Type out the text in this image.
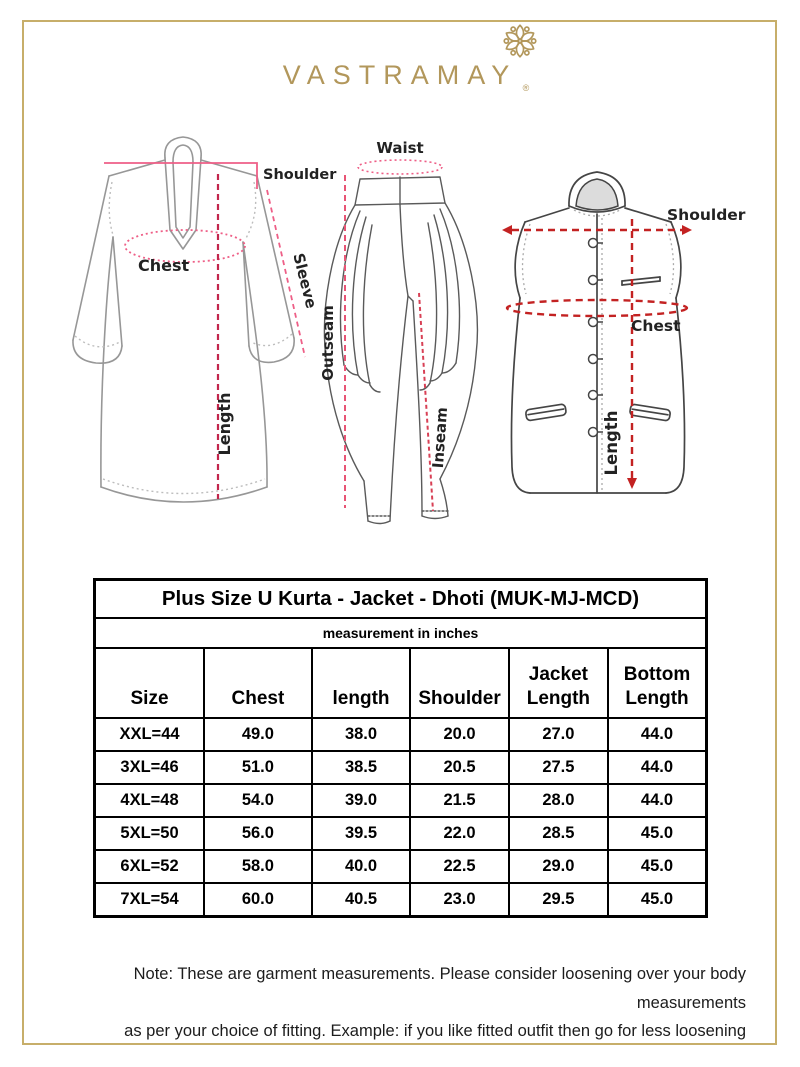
VASTRAMAY ®
Shoulder
Chest	Sleeve
Length
Waist
Outseam
Inseam
Shoulder
Chest
Length
Plus Size U Kurta - Jacket - Dhoti (MUK-MJ-MCD)					
measurement in inches					
Size	Chest	length	Shoulder	Jacket Length	Bottom Length
XXL=44	49.0	38.0	20.0	27.0	44.0
3XL=46	51.0	38.5	20.5	27.5	44.0
4XL=48	54.0	39.0	21.5	28.0	44.0
5XL=50	56.0	39.5	22.0	28.5	45.0
6XL=52	58.0	40.0	22.5	29.0	45.0
7XL=54	60.0	40.5	23.0	29.5	45.0
Note: These are garment measurements. Please consider loosening over your body measurements
as per your choice of fitting. Example: if you like fitted outfit then go for less loosening
